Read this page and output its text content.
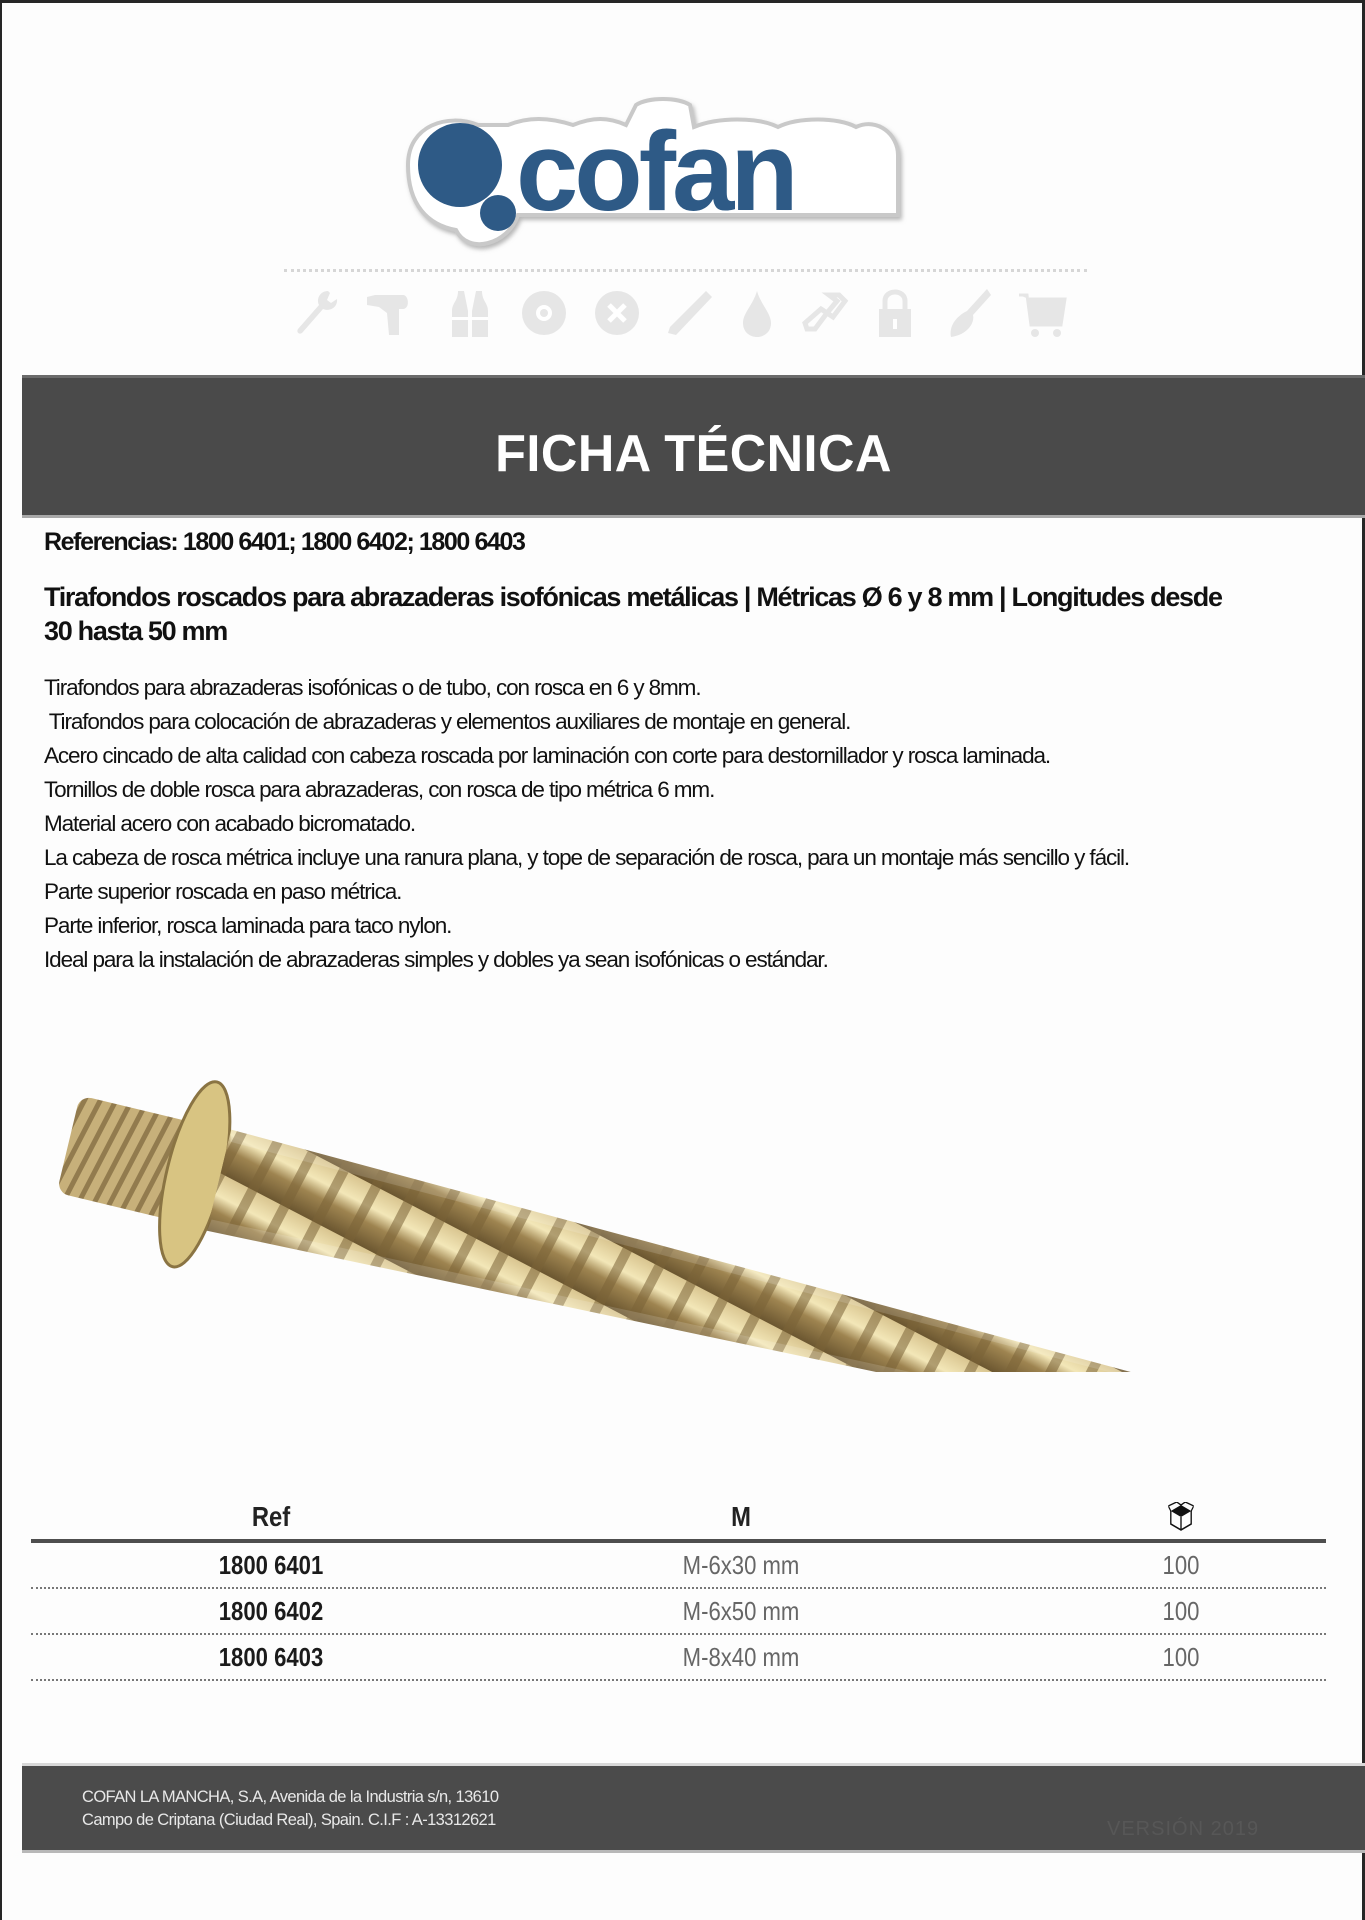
cofan
FICHA TÉCNICA
Referencias: 1800 6401; 1800 6402; 1800 6403
Tirafondos roscados para abrazaderas isofónicas metálicas | Métricas Ø 6 y 8 mm | Longitudes desde
30 hasta 50 mm
Tirafondos para abrazaderas isofónicas o de tubo, con rosca en 6 y 8mm.
Tirafondos para colocación de abrazaderas y elementos auxiliares de montaje en general.
Acero cincado de alta calidad con cabeza roscada por laminación con corte para destornillador y rosca laminada.
Tornillos de doble rosca para abrazaderas, con rosca de tipo métrica 6 mm.
Material acero con acabado bicromatado.
La cabeza de rosca métrica incluye una ranura plana, y tope de separación de rosca, para un montaje más sencillo y fácil.
Parte superior roscada en paso métrica.
Parte inferior, rosca laminada para taco nylon.
Ideal para la instalación de abrazaderas simples y dobles ya sean isofónicas o estándar.
Ref	M
1800 6401	M-6x30 mm	100
1800 6402	M-6x50 mm	100
1800 6403	M-8x40 mm	100
COFAN LA MANCHA, S.A, Avenida de la Industria s/n, 13610
Campo de Criptana (Ciudad Real), Spain. C.I.F : A-13312621	VERSIÓN 2019
